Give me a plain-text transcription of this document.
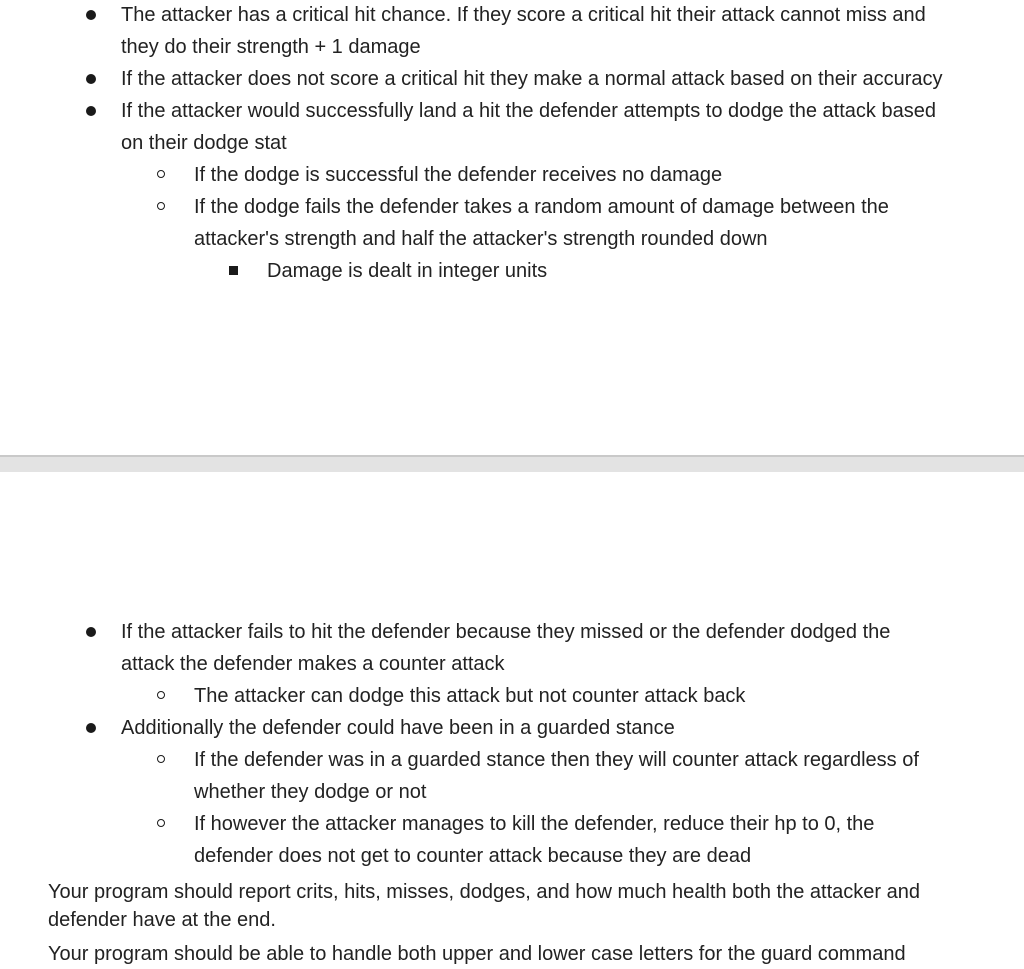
The attacker has a critical hit chance. If they score a critical hit their attack cannot miss and
they do their strength + 1 damage
If the attacker does not score a critical hit they make a normal attack based on their accuracy
If the attacker would successfully land a hit the defender attempts to dodge the attack based
on their dodge stat
If the dodge is successful the defender receives no damage
If the dodge fails the defender takes a random amount of damage between the
attacker's strength and half the attacker's strength rounded down
Damage is dealt in integer units
If the attacker fails to hit the defender because they missed or the defender dodged the
attack the defender makes a counter attack
The attacker can dodge this attack but not counter attack back
Additionally the defender could have been in a guarded stance
If the defender was in a guarded stance then they will counter attack regardless of
whether they dodge or not
If however the attacker manages to kill the defender, reduce their hp to 0, the
defender does not get to counter attack because they are dead
Your program should report crits, hits, misses, dodges, and how much health both the attacker and
defender have at the end.
Your program should be able to handle both upper and lower case letters for the guard command
